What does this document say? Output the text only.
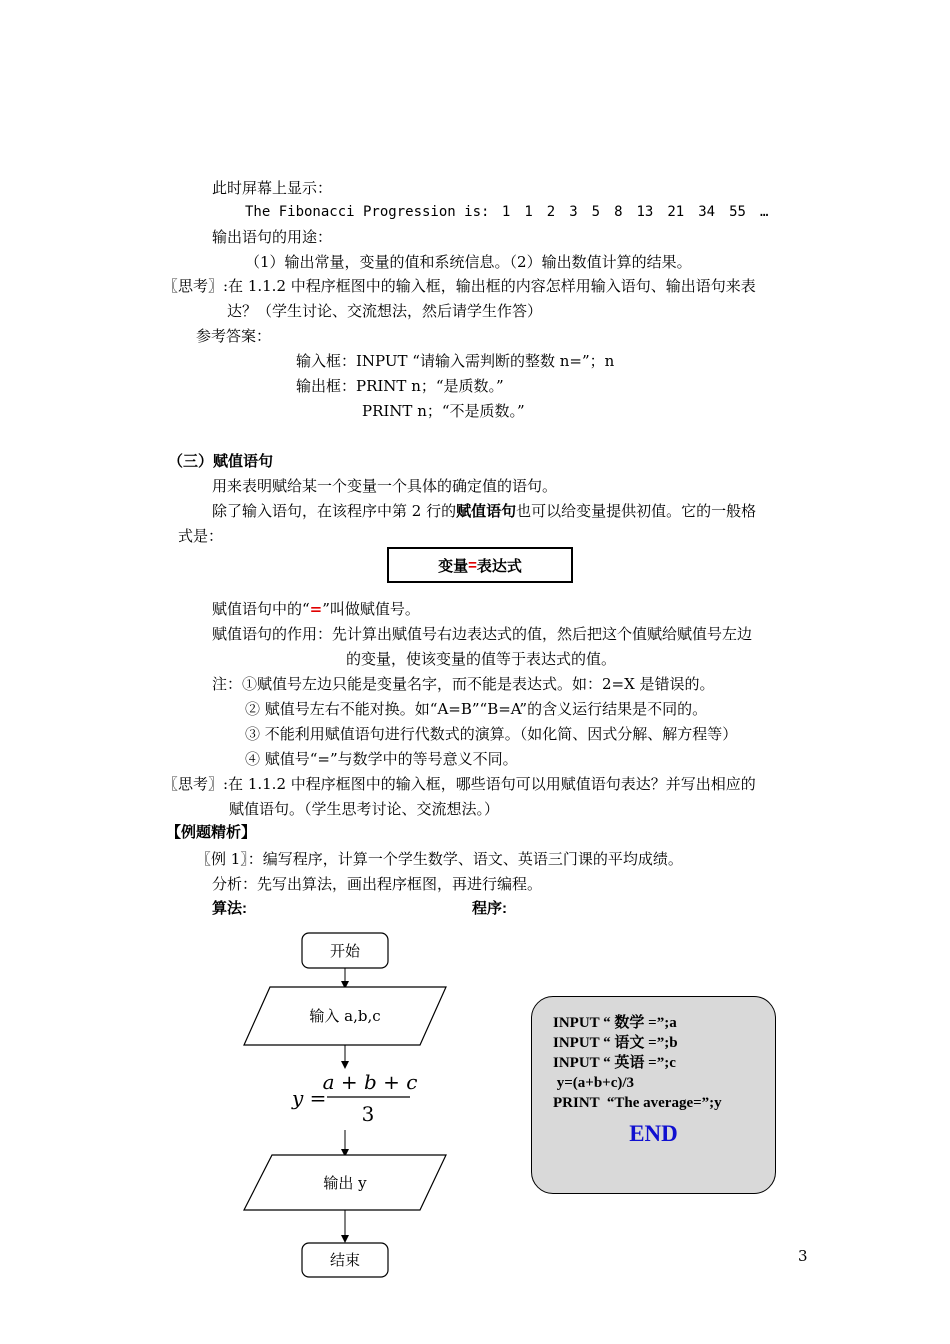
此时屏幕上显示：
The Fibonacci Progression is: 1 1 2 3 5 8 13 21 34 55 …
输出语句的用途：
（1）输出常量，变量的值和系统信息。（2）输出数值计算的结果。
〖思考〗:在 1.1.2 中程序框图中的输入框，输出框的内容怎样用输入语句、输出语句来表
达？（学生讨论、交流想法，然后请学生作答）
参考答案：
输入框：INPUT “请输入需判断的整数 n=”；n
输出框：PRINT n；“是质数。”
PRINT n；“不是质数。”
（三）赋值语句
用来表明赋给某一个变量一个具体的确定值的语句。
除了输入语句，在该程序中第 2 行的赋值语句也可以给变量提供初值。它的一般格
式是：
变量 = 表达式
赋值语句中的“=”叫做赋值号。
赋值语句的作用：先计算出赋值号右边表达式的值，然后把这个值赋给赋值号左边
的变量，使该变量的值等于表达式的值。
注：①赋值号左边只能是变量名字，而不能是表达式。如：2=X 是错误的。
② 赋值号左右不能对换。如“A=B”“B=A”的含义运行结果是不同的。
③ 不能利用赋值语句进行代数式的演算。（如化简、因式分解、解方程等）
④ 赋值号“=”与数学中的等号意义不同。
〖思考〗:在 1.1.2 中程序框图中的输入框，哪些语句可以用赋值语句表达？并写出相应的
赋值语句。（学生思考讨论、交流想法。）
【例题精析】
〖例 1〗：编写程序，计算一个学生数学、语文、英语三门课的平均成绩。
分析：先写出算法，画出程序框图，再进行编程。
算法:	程序:
开始
输入 a,b,c
y =
a + b + c
3
输出 y
结束
INPUT “ 数学 =”;a
INPUT “ 语文 =”;b
INPUT “ 英语 =”;c
y=(a+b+c)/3
PRINT  “The average=”;y
END
3
